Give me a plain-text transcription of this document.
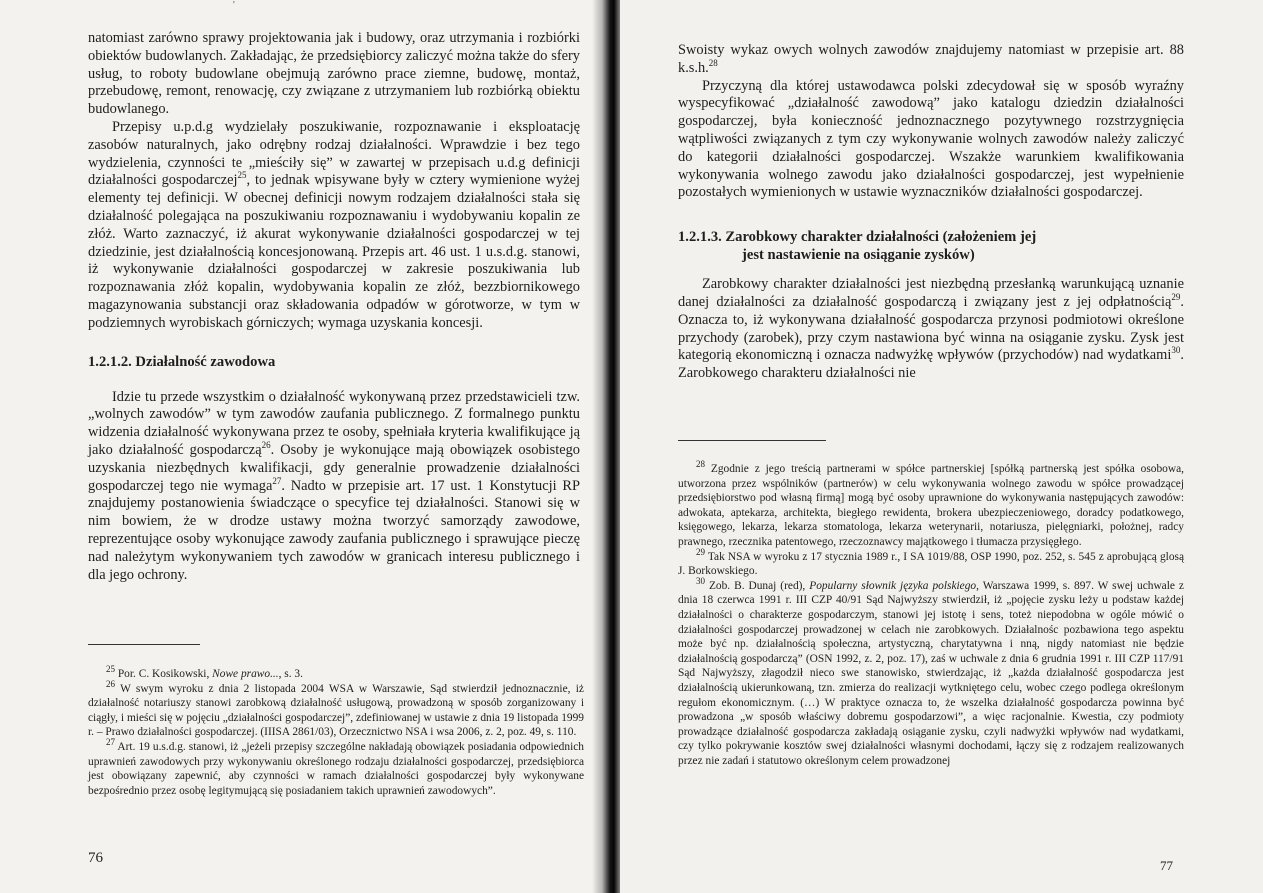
'

natomiast zarówno sprawy projektowania jak i budowy, oraz utrzymania i rozbiórki obiektów budowlanych. Zakładając, że przedsiębiorcy zaliczyć można także do sfery usług, to roboty budowlane obejmują zarówno prace ziemne, budowę, montaż, przebudowę, remont, renowację, czy związane z utrzymaniem lub rozbiórką obiektu budowlanego.

Przepisy u.p.d.g wydzielały poszukiwanie, rozpoznawanie i eksploatację zasobów naturalnych, jako odrębny rodzaj działalności. Wprawdzie i bez tego wydzielenia, czynności te „mieściły się” w zawartej w przepisach u.d.g definicji działalności gospodarczej$^{25}$, to jednak wpisywane były w cztery wymienione wyżej elementy tej definicji. W obecnej definicji nowym rodzajem działalności stała się działalność polegająca na poszukiwaniu rozpoznawaniu i wydobywaniu kopalin ze złóż. Warto zaznaczyć, iż akurat wykonywanie działalności gospodarczej w tej dziedzinie, jest działalnością koncesjonowaną. Przepis art. 46 ust. 1 u.s.d.g. stanowi, iż wykonywanie działalności gospodarczej w zakresie poszukiwania lub rozpoznawania złóż kopalin, wydobywania kopalin ze złóż, bezzbiornikowego magazynowania substancji oraz składowania odpadów w górotworze, w tym w podziemnych wyrobiskach górniczych; wymaga uzyskania koncesji.

1.2.1.2. Działalność zawodowa

Idzie tu przede wszystkim o działalność wykonywaną przez przedstawicieli tzw. „wolnych zawodów” w tym zawodów zaufania publicznego. Z formalnego punktu widzenia działalność wykonywana przez te osoby, spełniała kryteria kwalifikujące ją jako działalność gospodarczą$^{26}$. Osoby je wykonujące mają obowiązek osobistego uzyskania niezbędnych kwalifikacji, gdy generalnie prowadzenie działalności gospodarczej tego nie wymaga$^{27}$. Nadto w przepisie art. 17 ust. 1 Konstytucji RP znajdujemy postanowienia świadczące o specyfice tej działalności. Stanowi się w nim bowiem, że w drodze ustawy można tworzyć samorządy zawodowe, reprezentujące osoby wykonujące zawody zaufania publicznego i sprawujące pieczę nad należytym wykonywaniem tych zawodów w granicach interesu publicznego i dla jego ochrony.

$^{25}$ Por. C. Kosikowski, Nowe prawo..., s. 3.

$^{26}$ W swym wyroku z dnia 2 listopada 2004 WSA w Warszawie, Sąd stwierdził jednoznacznie, iż działalność notariuszy stanowi zarobkową działalność usługową, prowadzoną w sposób zorganizowany i ciągły, i mieści się w pojęciu „działalności gospodarczej”, zdefiniowanej w ustawie z dnia 19 listopada 1999 r. – Prawo działalności gospodarczej. (IIISA 2861/03), Orzecznictwo NSA i wsa 2006, z. 2, poz. 49, s. 110.

$^{27}$ Art. 19 u.s.d.g. stanowi, iż „jeżeli przepisy szczególne nakładają obowiązek posiadania odpowiednich uprawnień zawodowych przy wykonywaniu określonego rodzaju działalności gospodarczej, przedsiębiorca jest obowiązany zapewnić, aby czynności w ramach działalności gospodarczej były wykonywane bezpośrednio przez osobę legitymującą się posiadaniem takich uprawnień zawodowych”.

76

Swoisty wykaz owych wolnych zawodów znajdujemy natomiast w przepisie art. 88 k.s.h.$^{28}$

Przyczyną dla której ustawodawca polski zdecydował się w sposób wyraźny wyspecyfikować „działalność zawodową” jako katalogu dziedzin działalności gospodarczej, była konieczność jednoznacznego pozytywnego rozstrzygnięcia wątpliwości związanych z tym czy wykonywanie wolnych zawodów należy zaliczyć do kategorii działalności gospodarczej. Wszakże warunkiem kwalifikowania wykonywania wolnego zawodu jako działalności gospodarczej, jest wypełnienie pozostałych wymienionych w ustawie wyznaczników działalności gospodarczej.

1.2.1.3. Zarobkowy charakter działalności (założeniem jej
jest nastawienie na osiąganie zysków)

Zarobkowy charakter działalności jest niezbędną przesłanką warunkującą uznanie danej działalności za działalność gospodarczą i związany jest z jej odpłatnością$^{29}$. Oznacza to, iż wykonywana działalność gospodarcza przynosi podmiotowi określone przychody (zarobek), przy czym nastawiona być winna na osiąganie zysku. Zysk jest kategorią ekonomiczną i oznacza nadwyżkę wpływów (przychodów) nad wydatkami$^{30}$. Zarobkowego charakteru działalności nie

$^{28}$ Zgodnie z jego treścią partnerami w spółce partnerskiej [spółką partnerską jest spółka osobowa, utworzona przez wspólników (partnerów) w celu wykonywania wolnego zawodu w spółce prowadzącej przedsiębiorstwo pod własną firmą] mogą być osoby uprawnione do wykonywania następujących zawodów: adwokata, aptekarza, architekta, biegłego rewidenta, brokera ubezpieczeniowego, doradcy podatkowego, księgowego, lekarza, lekarza stomatologa, lekarza weterynarii, notariusza, pielęgniarki, położnej, radcy prawnego, rzecznika patentowego, rzeczoznawcy majątkowego i tłumacza przysięgłego.

$^{29}$ Tak NSA w wyroku z 17 stycznia 1989 r., I SA 1019/88, OSP 1990, poz. 252, s. 545 z aprobującą glosą J. Borkowskiego.

$^{30}$ Zob. B. Dunaj (red), Popularny słownik języka polskiego, Warszawa 1999, s. 897. W swej uchwale z dnia 18 czerwca 1991 r. III CZP 40/91 Sąd Najwyższy stwierdził, iż „pojęcie zysku leży u podstaw każdej działalności o charakterze gospodarczym, stanowi jej istotę i sens, toteż niepodobna w ogóle mówić o działalności gospodarczej prowadzonej w celach nie zarobkowych. Działalnośc pozbawiona tego aspektu może być np. działalnością społeczna, artystyczną, charytatywna i nną, nigdy natomiast nie będzie działalnością gospodarczą” (OSN 1992, z. 2, poz. 17), zaś w uchwale z dnia 6 grudnia 1991 r. III CZP 117/91 Sąd Najwyższy, złagodził nieco swe stanowisko, stwierdzając, iż „każda działalność gospodarcza jest działalnością ukierunkowaną, tzn. zmierza do realizacji wytkniętego celu, wobec czego podlega określonym regułom ekonomicznym. (…) W praktyce oznacza to, że wszelka działalność gospodarcza powinna być prowadzona „w sposób właściwy dobremu gospodarzowi”, a więc racjonalnie. Kwestia, czy podmioty prowadzące działalność gospodarcza zakładają osiąganie zysku, czyli nadwyżki wpływów nad wydatkami, czy tylko pokrywanie kosztów swej działalności własnymi dochodami, łączy się z rodzajem realizowanych przez nie zadań i statutowo określonym celem prowadzonej

77
